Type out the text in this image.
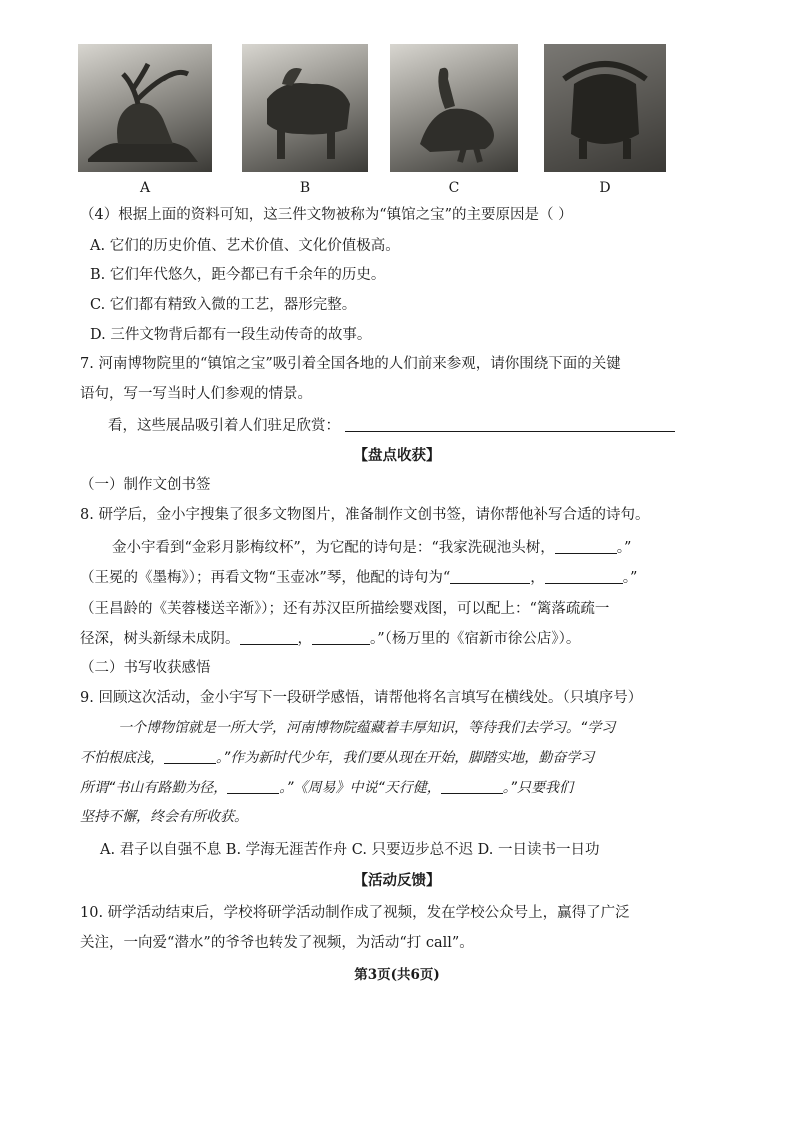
A	B	C	D
（4）根据上面的资料可知，这三件文物被称为“镇馆之宝”的主要原因是（ ）
A. 它们的历史价值、艺术价值、文化价值极高。
B. 它们年代悠久，距今都已有千余年的历史。
C. 它们都有精致入微的工艺，器形完整。
D. 三件文物背后都有一段生动传奇的故事。
7. 河南博物院里的“镇馆之宝”吸引着全国各地的人们前来参观，请你围绕下面的关键
语句，写一写当时人们参观的情景。
看，这些展品吸引着人们驻足欣赏：
【盘点收获】
（一）制作文创书签
8. 研学后，金小宇搜集了很多文物图片，准备制作文创书签，请你帮他补写合适的诗句。
金小宇看到“金彩月影梅纹杯”，为它配的诗句是：“我家洗砚池头树，	。”
（王冕的《墨梅》）；再看文物“玉壶冰”琴，他配的诗句为“	，	。”
（王昌龄的《芙蓉楼送辛渐》）；还有苏汉臣所描绘婴戏图，可以配上：“篱落疏疏一
径深，树头新绿未成阴。	，	。”（杨万里的《宿新市徐公店》）。
（二）书写收获感悟
9. 回顾这次活动，金小宇写下一段研学感悟，请帮他将名言填写在横线处。（只填序号）
一个博物馆就是一所大学，河南博物院蕴藏着丰厚知识，等待我们去学习。“学习
不怕根底浅，	。”作为新时代少年，我们要从现在开始，脚踏实地，勤奋学习
所谓“书山有路勤为径，	。”《周易》中说“天行健，	。”只要我们
坚持不懈，终会有所收获。
A. 君子以自强不息 B. 学海无涯苦作舟 C. 只要迈步总不迟 D. 一日读书一日功
【活动反馈】
10. 研学活动结束后，学校将研学活动制作成了视频，发在学校公众号上，赢得了广泛
关注，一向爱“潜水”的爷爷也转发了视频，为活动“打 call”。
第3页(共6页)
